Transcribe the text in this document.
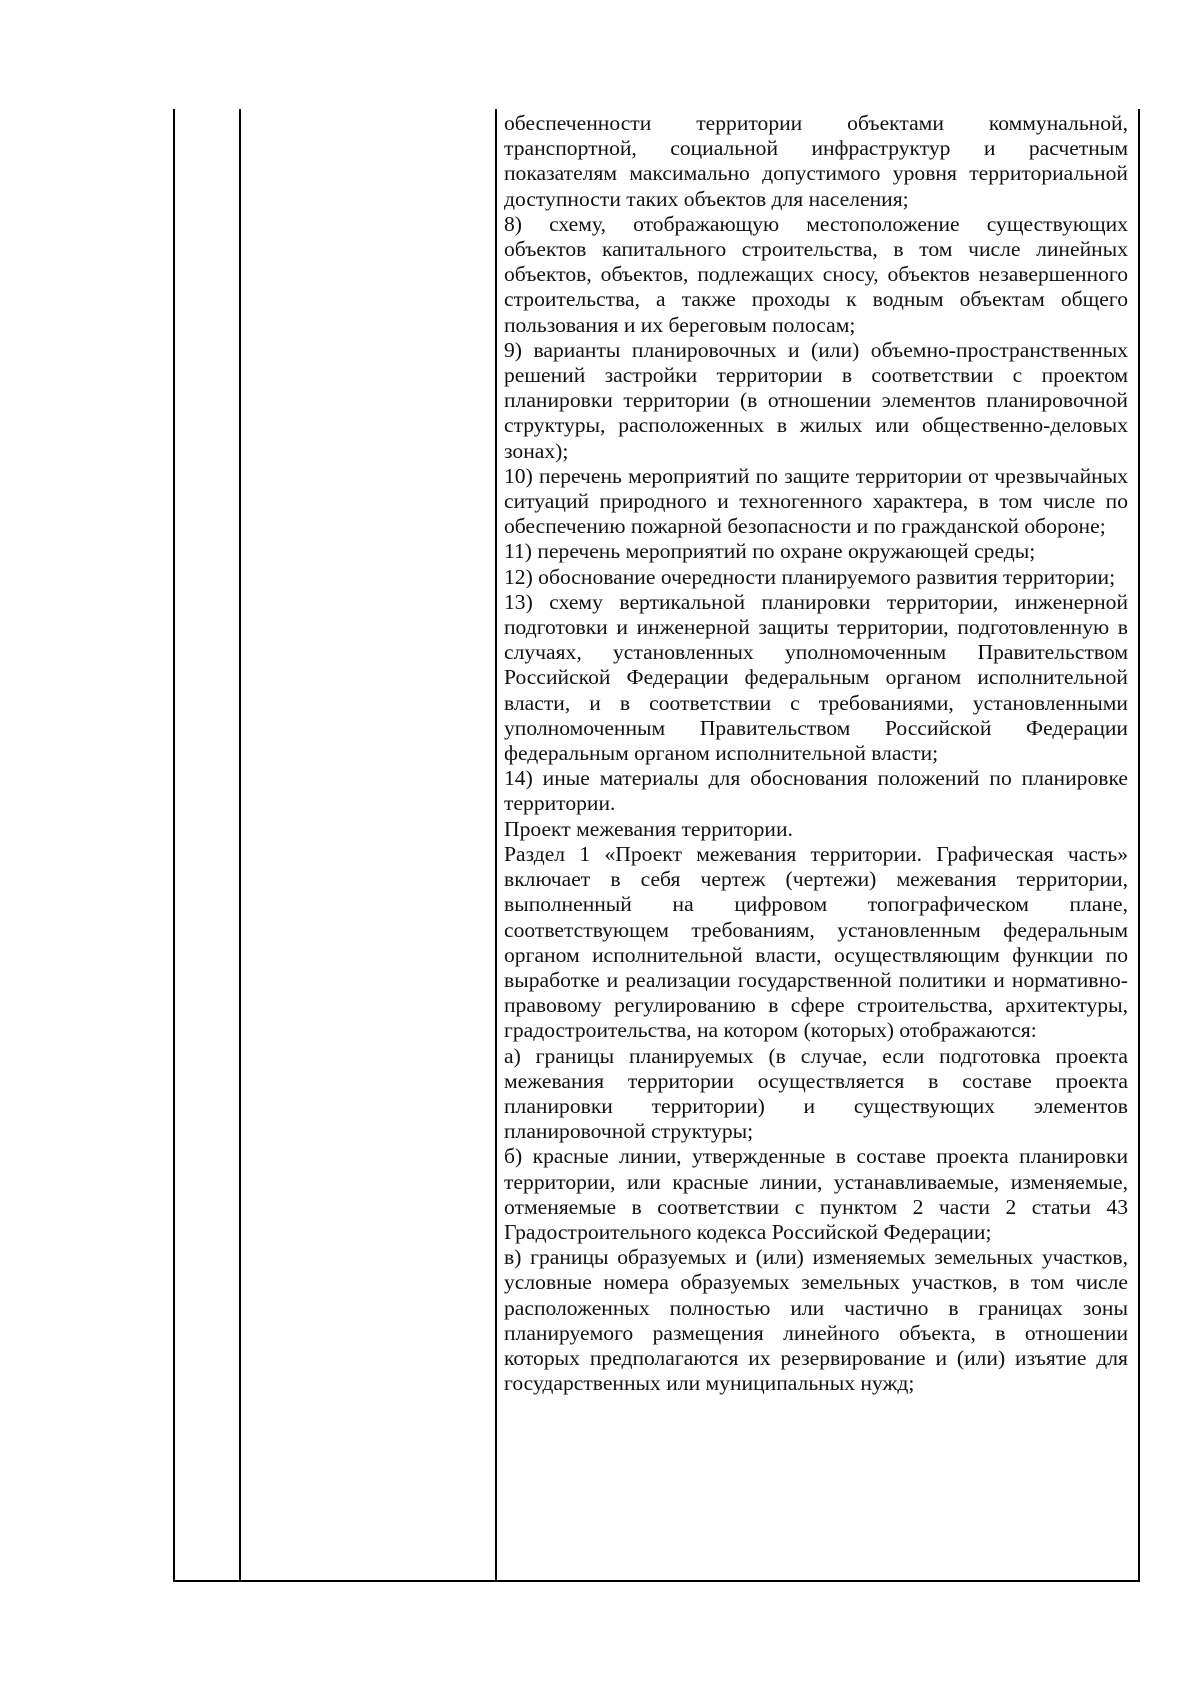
обеспеченности территории объектами коммунальной, транспортной, социальной инфраструктур и расчетным показателям максимально допустимого уровня территориальной доступности таких объектов для населения;

8) схему, отображающую местоположение существующих объектов капитального строительства, в том числе линейных объектов, объектов, подлежащих сносу, объектов незавершенного строительства, а также проходы к водным объектам общего пользования и их береговым полосам;

9) варианты планировочных и (или) объемно-пространственных решений застройки территории в соответствии с проектом планировки территории (в отношении элементов планировочной структуры, расположенных в жилых или общественно-деловых зонах);

10) перечень мероприятий по защите территории от чрезвычайных ситуаций природного и техногенного характера, в том числе по обеспечению пожарной безопасности и по гражданской обороне;

11) перечень мероприятий по охране окружающей среды;

12) обоснование очередности планируемого развития территории;

13) схему вертикальной планировки территории, инженерной подготовки и инженерной защиты территории, подготовленную в случаях, установленных уполномоченным Правительством Российской Федерации федеральным органом исполнительной власти, и в соответствии с требованиями, установленными уполномоченным Правительством Российской Федерации федеральным органом исполнительной власти;

14) иные материалы для обоснования положений по планировке территории.

Проект межевания территории.

Раздел 1 «Проект межевания территории. Графическая часть» включает в себя чертеж (чертежи) межевания территории, выполненный на цифровом топографическом плане, соответствующем требованиям, установленным федеральным органом исполнительной власти, осуществляющим функции по выработке и реализации государственной политики и нормативно-правовому регулированию в сфере строительства, архитектуры, градостроительства, на котором (которых) отображаются:

а) границы планируемых (в случае, если подготовка проекта межевания территории осуществляется в составе проекта планировки территории) и существующих элементов планировочной структуры;

б) красные линии, утвержденные в составе проекта планировки территории, или красные линии, устанавливаемые, изменяемые, отменяемые в соответствии с пунктом 2 части 2 статьи 43 Градостроительного кодекса Российской Федерации;

в) границы образуемых и (или) изменяемых земельных участков, условные номера образуемых земельных участков, в том числе расположенных полностью или частично в границах зоны планируемого размещения линейного объекта, в отношении которых предполагаются их резервирование и (или) изъятие для государственных или муниципальных нужд;
